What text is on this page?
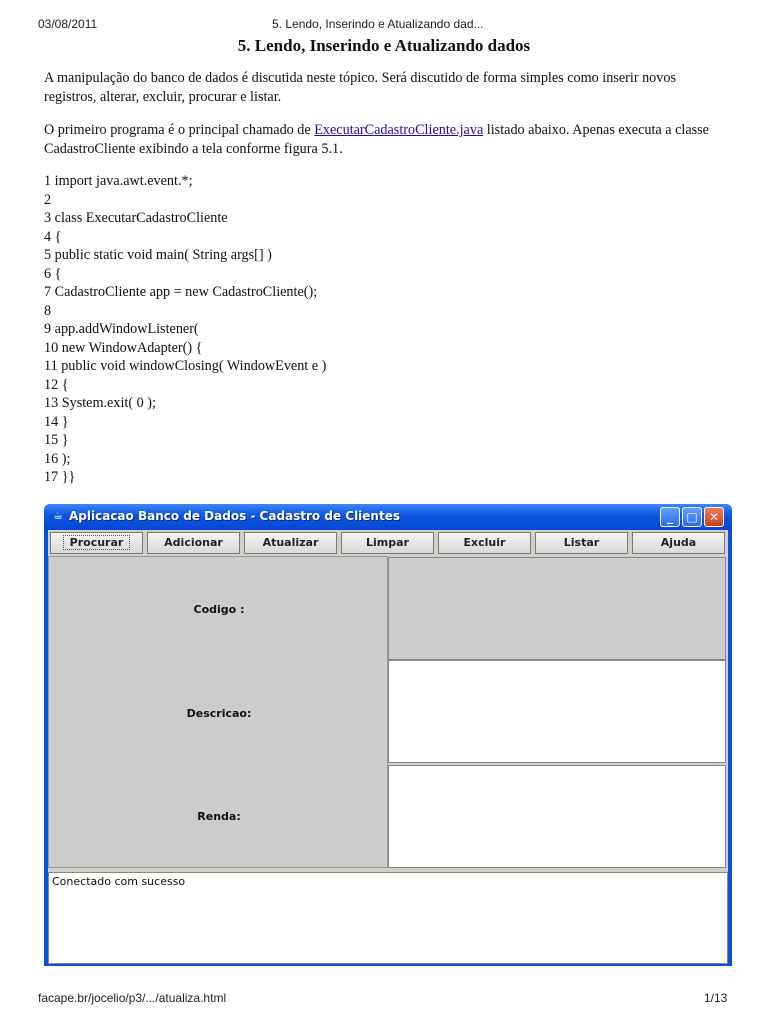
03/08/2011	5. Lendo, Inserindo e Atualizando dad...
5. Lendo, Inserindo e Atualizando dados
A manipulação do banco de dados é discutida neste tópico. Será discutido de forma simples como inserir novos registros, alterar, excluir, procurar e listar.
O primeiro programa é o principal chamado de ExecutarCadastroCliente.java listado abaixo. Apenas executa a classe CadastroCliente exibindo a tela conforme figura 5.1.
1 import java.awt.event.*;
2
3 class ExecutarCadastroCliente
4 {
5 public static void main( String args[] )
6 {
7 CadastroCliente app = new CadastroCliente();
8
9 app.addWindowListener(
10 new WindowAdapter() {
11 public void windowClosing( WindowEvent e )
12 {
13 System.exit( 0 );
14 }
15 }
16 );
17 }}
☕ Aplicacao Banco de Dados - Cadastro de Clientes	_	□ ✕
Procurar	Adicionar	Atualizar	Limpar	Excluir	Listar	Ajuda
Codigo :
Descricao:
Renda:
Conectado com sucesso
facape.br/jocelio/p3/.../atualiza.html	1/13
